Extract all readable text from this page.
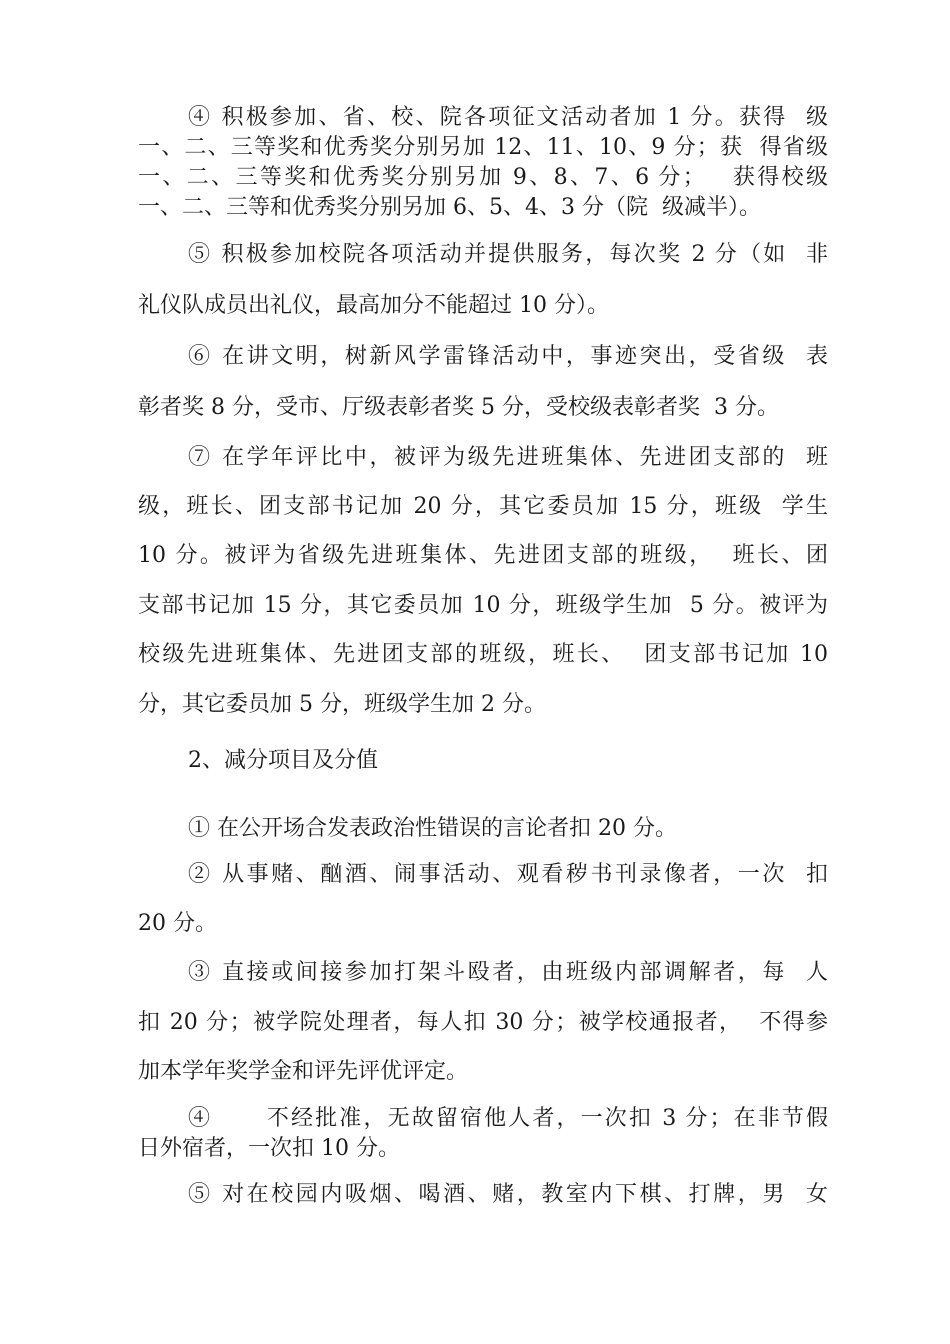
④ 积极参加、省、校、院各项征文活动者加 1 分。获得  级
一、二、三等奖和优秀奖分别另加 12、11、10、9 分；获  得省级
一、二、三等奖和优秀奖分别另加 9、8、7、6 分；   获得校级
一、二、三等和优秀奖分别另加 6、5、4、3 分（院  级减半）。
⑤ 积极参加校院各项活动并提供服务，每次奖 2 分（如  非
礼仪队成员出礼仪，最高加分不能超过 10 分）。
⑥ 在讲文明，树新风学雷锋活动中，事迹突出，受省级  表
彰者奖 8 分，受市、厅级表彰者奖 5 分，受校级表彰者奖  3 分。
⑦ 在学年评比中，被评为级先进班集体、先进团支部的  班
级，班长、团支部书记加 20 分，其它委员加 15 分，班级  学生
10 分。被评为省级先进班集体、先进团支部的班级，  班长、团
支部书记加 15 分，其它委员加 10 分，班级学生加  5 分。被评为
校级先进班集体、先进团支部的班级，班长、  团支部书记加 10
分，其它委员加 5 分，班级学生加 2 分。
2、减分项目及分值
① 在公开场合发表政治性错误的言论者扣 20 分。
② 从事赌、酗酒、闹事活动、观看秽书刊录像者，一次  扣
20 分。
③ 直接或间接参加打架斗殴者，由班级内部调解者，每  人
扣 20 分；被学院处理者，每人扣 30 分；被学校通报者，  不得参
加本学年奖学金和评先评优评定。
④      不经批准，无故留宿他人者，一次扣 3 分；在非节假
日外宿者，一次扣 10 分。
⑤ 对在校园内吸烟、喝酒、赌，教室内下棋、打牌，男  女
